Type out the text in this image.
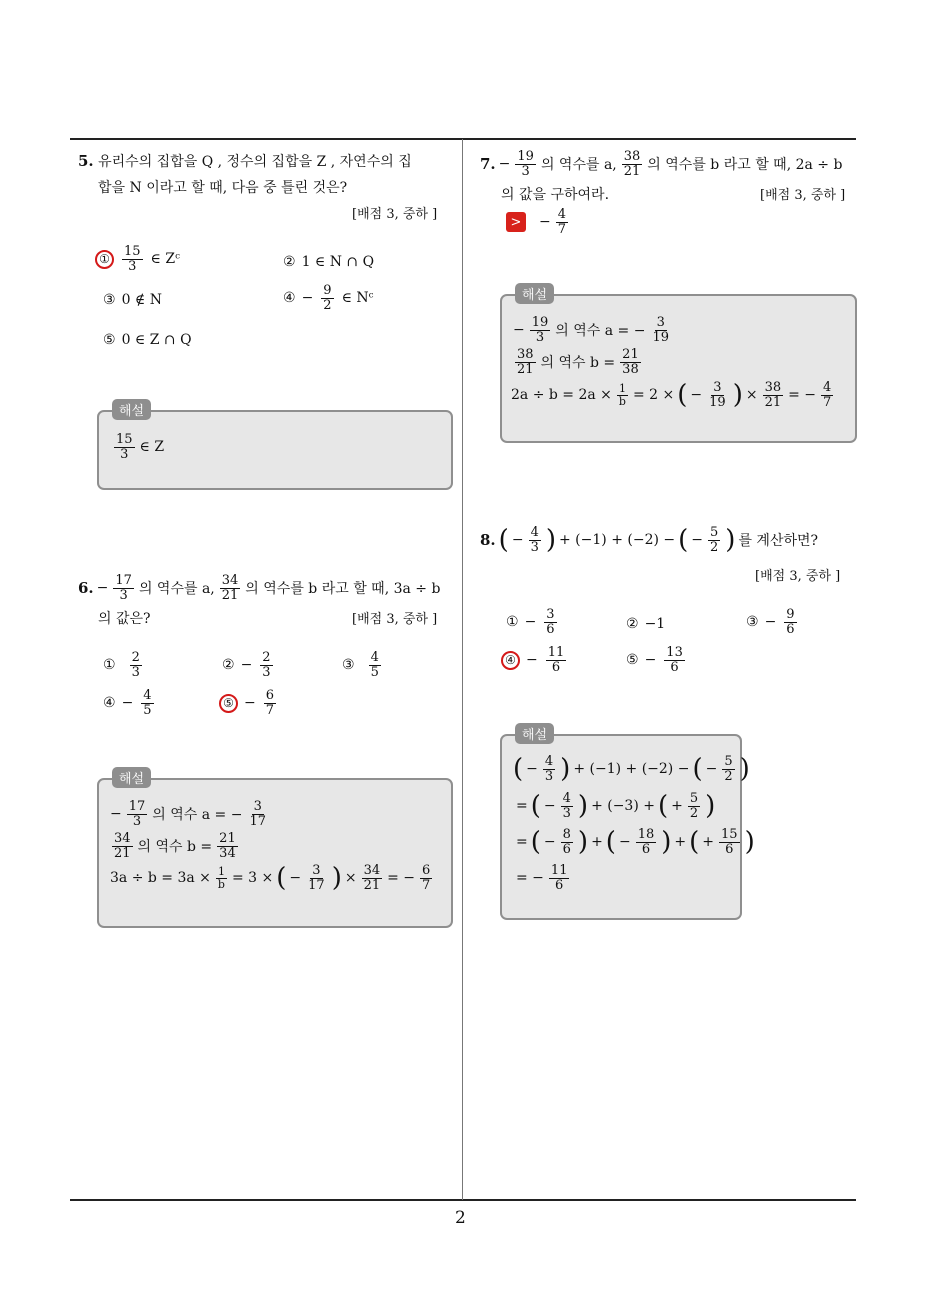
2
5. 유리수의 집합을 Q , 정수의 집합을 Z , 자연수의 집
합을 N 이라고 할 때, 다음 중 틀린 것은?
[배점 3, 중하 ]
① $\frac{15}{3}$ ∈ Zᶜ	② 1 ∈ N ∩ Q
③ 0 ∉ N	④ − $\frac{9}{2}$ ∈ Nᶜ
⑤ 0 ∈ Z ∩ Q
해설
$\frac{15}{3}$ ∈ Z
6. − $\frac{17}{3}$ 의 역수를 a, $\frac{34}{21}$ 의 역수를 b 라고 할 때, 3a ÷ b
의 값은?	[배점 3, 중하 ]
① $\frac{2}{3}$	② − $\frac{2}{3}$	③ $\frac{4}{5}$
④ − $\frac{4}{5}$	⑤ − $\frac{6}{7}$
해설
− $\frac{17}{3}$ 의 역수 a = − $\frac{3}{17}$
$\frac{34}{21}$ 의 역수 $b = \frac{21}{34}$
$3a \div b = 3a \times \frac{1}{b} = 3$ × ( − $\frac{3}{17}$ ) × $\frac{34}{21}$ = − $\frac{6}{7}$
7. − $\frac{19}{3}$ 의 역수를 a, $\frac{38}{21}$ 의 역수를 b 라고 할 때, 2a ÷ b
의 값을 구하여라.	[배점 3, 중하 ]
>	− $\frac{4}{7}$
해설
− $\frac{19}{3}$ 의 역수 a = − $\frac{3}{19}$
$\frac{38}{21}$ 의 역수 $b = \frac{21}{38}$
$2a \div b = 2a \times \frac{1}{b} = 2$ × ( − $\frac{3}{19}$ ) × $\frac{38}{21}$ = − $\frac{4}{7}$
8. ( − $\frac{4}{3}$ ) + (−1) + (−2) − ( − $\frac{5}{2}$ ) 를 계산하면?
[배점 3, 중하 ]
① − $\frac{3}{6}$	② −1	③ − $\frac{9}{6}$
④ − $\frac{11}{6}$	⑤ − $\frac{13}{6}$
해설
( − $\frac{4}{3}$ ) + (−1) + (−2) − ( − $\frac{5}{2}$ )
= ( − $\frac{4}{3}$ ) + (−3) + ( + $\frac{5}{2}$ )
= ( − $\frac{8}{6}$ ) + ( − $\frac{18}{6}$ ) + ( + $\frac{15}{6}$ )
= − $\frac{11}{6}$
